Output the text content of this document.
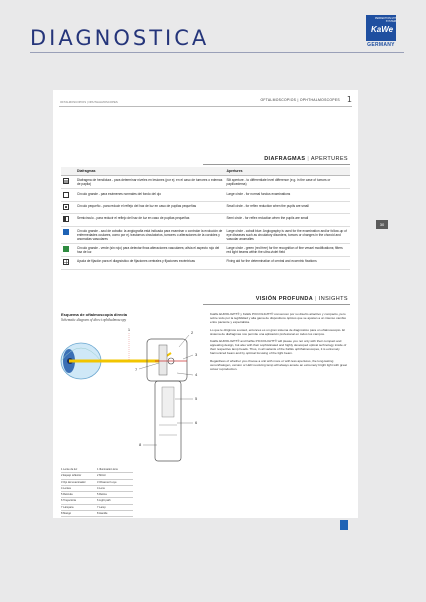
DIAGNOSTICA
PERFEKTION MIT SYSTEM
KaWe
GERMANY
OFTALMOSCOPIOS | OPHTHALMOSCOPES	OFTALMOSCOPIOS | OPHTHALMOSCOPES 1
DIAFRAGMAS | APERTURES
	Diafragmas	Apertures
	Diafragma de hendidura - para determinar niveles en lesiones (por ej. en el caso de tumores o edemas de papila)	Slit aperture - to differentiate level difference (e.g. in the case of tumors or papilloedema)
	Círculo grande - para exámenes normales del fondo del ojo	Large circle - for normal fundus examinations
	Círculo pequeño - para reducir el reflejo del haz de luz en caso de pupilas pequeñas	Small circle - for reflex reduction when the pupils are small
	Semicírculo - para reducir el reflejo del haz de luz en caso de pupilas pequeñas	Semi circle - for reflex reduction when the pupils are small
	Círculo grande - azul de cobalto: la angiografía está indicada para examinar o controlar la evolución de enfermedades oculares, como por ej. trastornos circulatorios, tumores o alteraciones de la coroides y anomalías vasculares	Large circle - cobalt blue: Angiography is used for the examination and/or follow-up of eye diseases such as circulatory disorders, tumors or changes in the choroid and vascular anomalies
	Círculo grande - verde (sin rojo) para detectar finas alteraciones vasculares; alivia el aspecto rojo del haz de luz	Large circle - green (red free) for the recognition of fine vessel modifications; filters red light beams within the ultra-violet field
	Ayuda de fijación para el diagnóstico de fijaciones centrales y fijaciones excéntricas	Fixing aid for the determination of central and eccentric fixations
VISIÓN PROFUNDA | INSIGHTS
Esquema de oftalmoscopía directa
Schematic diagram of direct ophthalmoscopy
1
2
3
4
5
6
7
8

KaWe EUROLIGHT® y KaWe PICCOLIGHT® convencen por su diseño atractivo y compacto, pero sobre todo por la legibilidad y alta gama de dispositivos ópticos que se ajustan a un intenso cambio entre paciente y especialista.

Lo que le dirigimos a usted, entonces es un gran sistema de diagnóstico para un oftalmoscopio. El sistema de diafragmas nos permite una aplicación profesional en todos los campos.

KaWe EUROLIGHT® and KaWe PICCOLIGHT® will please you not only with their compact and appealing design, but also with their sophisticated and highly developed optical technology inside of their respective lamp heads. Thus, in all variants of the KaWe ophthalmoscopes, it is extremely harmonized beam and by optimal focusing of the light beam.

Regardless of whether you choose a unit with more or with less apertures, the long-lasting xenon/halogen, version or LED revolving lamp will always amaze an extremely bright light with great colour reproduction.

1 Lente de luz	1 Illumination lens
2 Espejo reflector	2 Mirror
3 Ojo del examinador	3 Observer's eye
4 Lentes	4 Lens
5 Reticula	5 Retina
6 Trayectoria	6 Light path
7 Lámpara	7 Lamp
8 Mango	8 Handle
30
